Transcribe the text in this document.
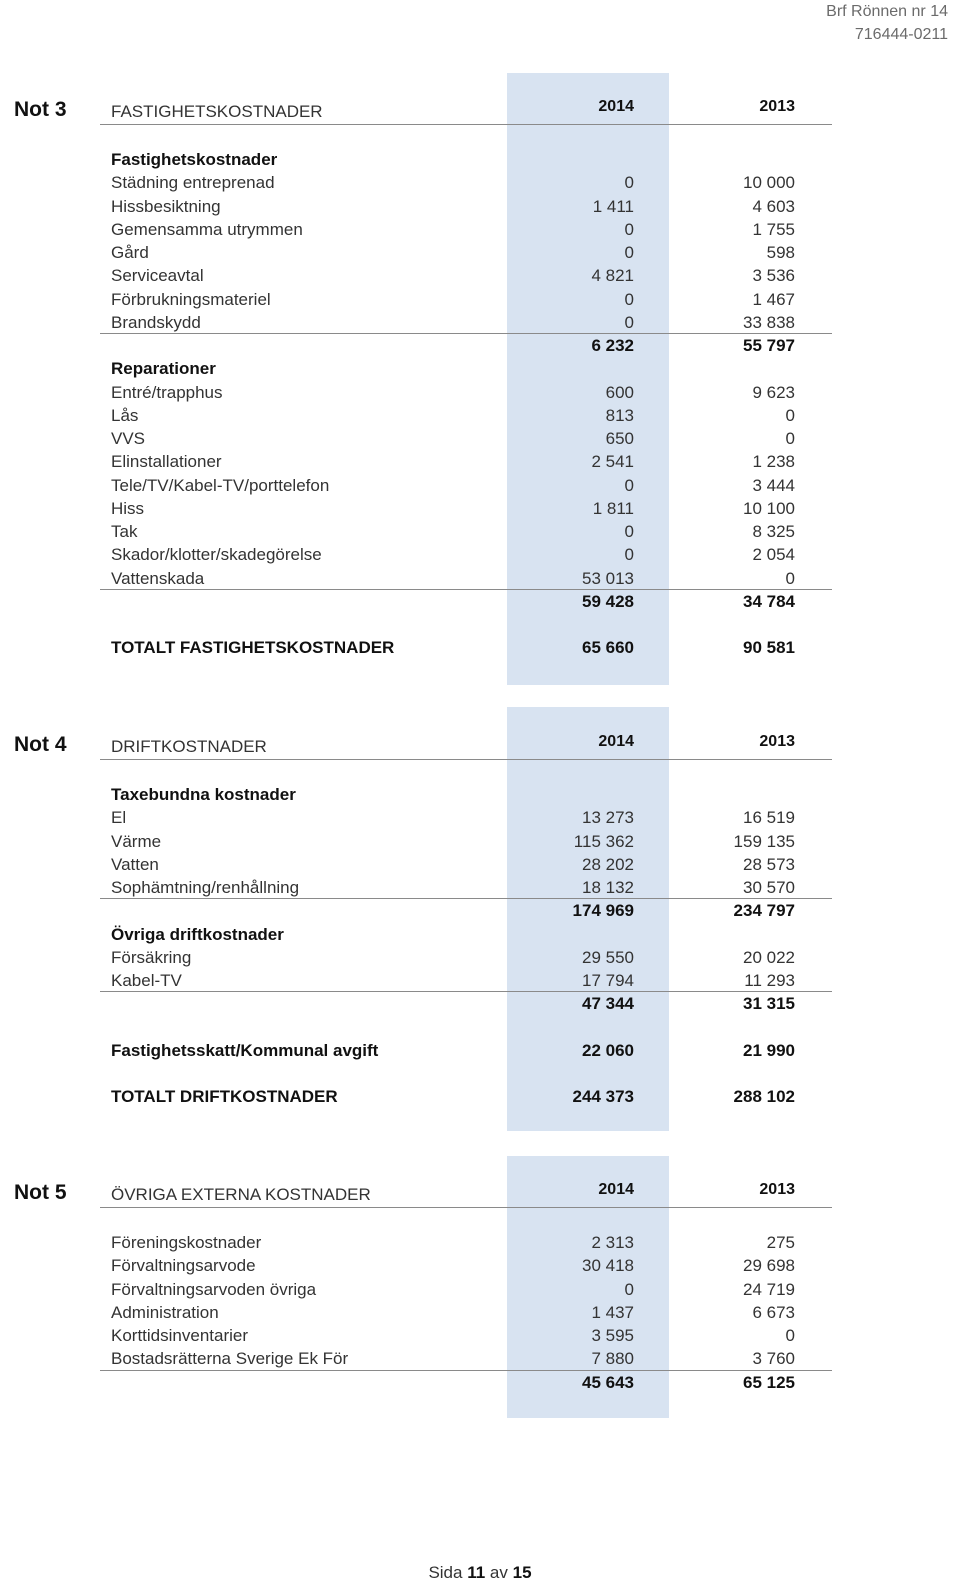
Brf Rönnen nr 14
716444-0211
Not 3	FASTIGHETSKOSTNADER	2014	2013
Fastighetskostnader
Städning entreprenad	0	10 000
Hissbesiktning	1 411	4 603
Gemensamma utrymmen	0	1 755
Gård	0	598
Serviceavtal	4 821	3 536
Förbrukningsmateriel	0	1 467
Brandskydd	0	33 838
6 232	55 797
Reparationer
Entré/trapphus	600	9 623
Lås	813	0
VVS	650	0
Elinstallationer	2 541	1 238
Tele/TV/Kabel-TV/porttelefon	0	3 444
Hiss	1 811	10 100
Tak	0	8 325
Skador/klotter/skadegörelse	0	2 054
Vattenskada	53 013	0
59 428	34 784
TOTALT FASTIGHETSKOSTNADER	65 660	90 581
Not 4	DRIFTKOSTNADER	2014	2013
Taxebundna kostnader
El	13 273	16 519
Värme	115 362	159 135
Vatten	28 202	28 573
Sophämtning/renhållning	18 132	30 570
174 969	234 797
Övriga driftkostnader
Försäkring	29 550	20 022
Kabel-TV	17 794	11 293
47 344	31 315
Fastighetsskatt/Kommunal avgift	22 060	21 990
TOTALT DRIFTKOSTNADER	244 373	288 102
Not 5	ÖVRIGA EXTERNA KOSTNADER	2014	2013
Föreningskostnader	2 313	275
Förvaltningsarvode	30 418	29 698
Förvaltningsarvoden övriga	0	24 719
Administration	1 437	6 673
Korttidsinventarier	3 595	0
Bostadsrätterna Sverige Ek För	7 880	3 760
45 643	65 125
Sida 11 av 15
